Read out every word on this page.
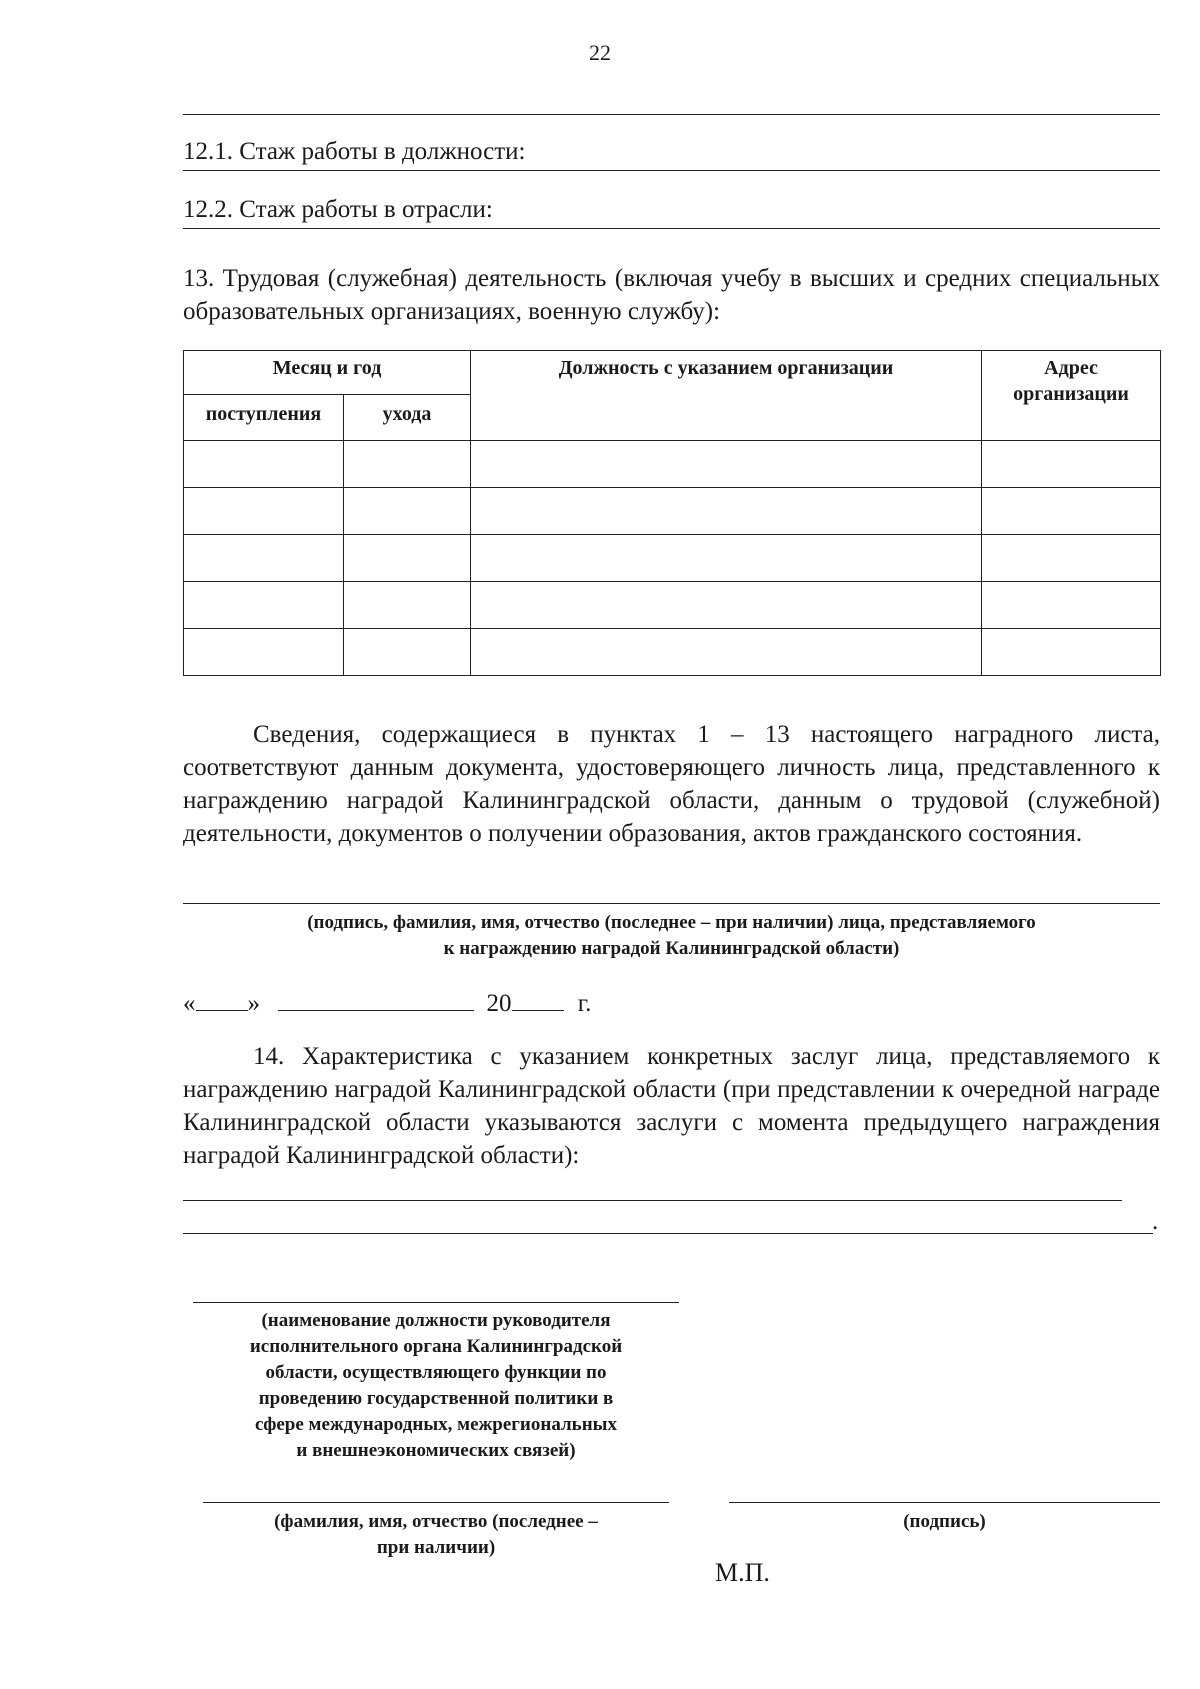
22
12.1. Стаж работы в должности:
12.2. Стаж работы в отрасли:
13. Трудовая (служебная) деятельность (включая учебу в высших и средних специальных образовательных организациях, военную службу):
Месяц и год		Должность с указанием организации	Адрес организации
поступления	ухода		

Сведения, содержащиеся в пунктах 1 – 13 настоящего наградного листа, соответствуют данным документа, удостоверяющего личность лица, представленного к награждению наградой Калининградской области, данным о трудовой (служебной) деятельности, документов о получении образования, актов гражданского состояния.
(подпись, фамилия, имя, отчество (последнее – при наличии) лица, представляемого
к награждению наградой Калининградской области)
« »	20	г.
14. Характеристика с указанием конкретных заслуг лица, представляемого к награждению наградой Калининградской области (при представлении к очередной награде Калининградской области указываются заслуги с момента предыдущего награждения наградой Калининградской области):
.
(наименование должности руководителя
исполнительного органа Калининградской
области, осуществляющего функции по
проведению государственной политики в
сфере международных, межрегиональных
и внешнеэкономических связей)
(фамилия, имя, отчество (последнее –
при наличии)
(подпись)
М.П.
